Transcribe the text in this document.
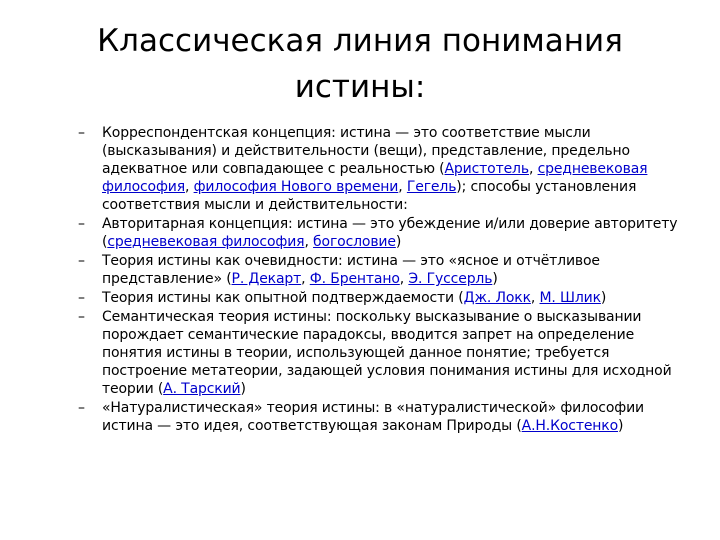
Классическая линия понимания
истины:
– Корреспондентская концепция: истина — это соответствие мысли (высказывания) и действительности (вещи), представление, предельно адекватное или совпадающее с реальностью (Аристотель, средневековая философия, философия Нового времени, Гегель); способы установления соответствия мысли и действительности:
– Авторитарная концепция: истина — это убеждение и/или доверие авторитету (средневековая философия, богословие)
– Теория истины как очевидности: истина — это «ясное и отчётливое представление» (Р. Декарт, Ф. Брентано, Э. Гуссерль)
– Теория истины как опытной подтверждаемости (Дж. Локк, М. Шлик)
– Семантическая теория истины: поскольку высказывание о высказывании порождает семантические парадоксы, вводится запрет на определение понятия истины в теории, использующей данное понятие; требуется построение метатеории, задающей условия понимания истины для исходной теории (А. Тарский)
– «Натуралистическая» теория истины: в «натуралистической» философии истина — это идея, соответствующая законам Природы (А.Н.Костенко)
